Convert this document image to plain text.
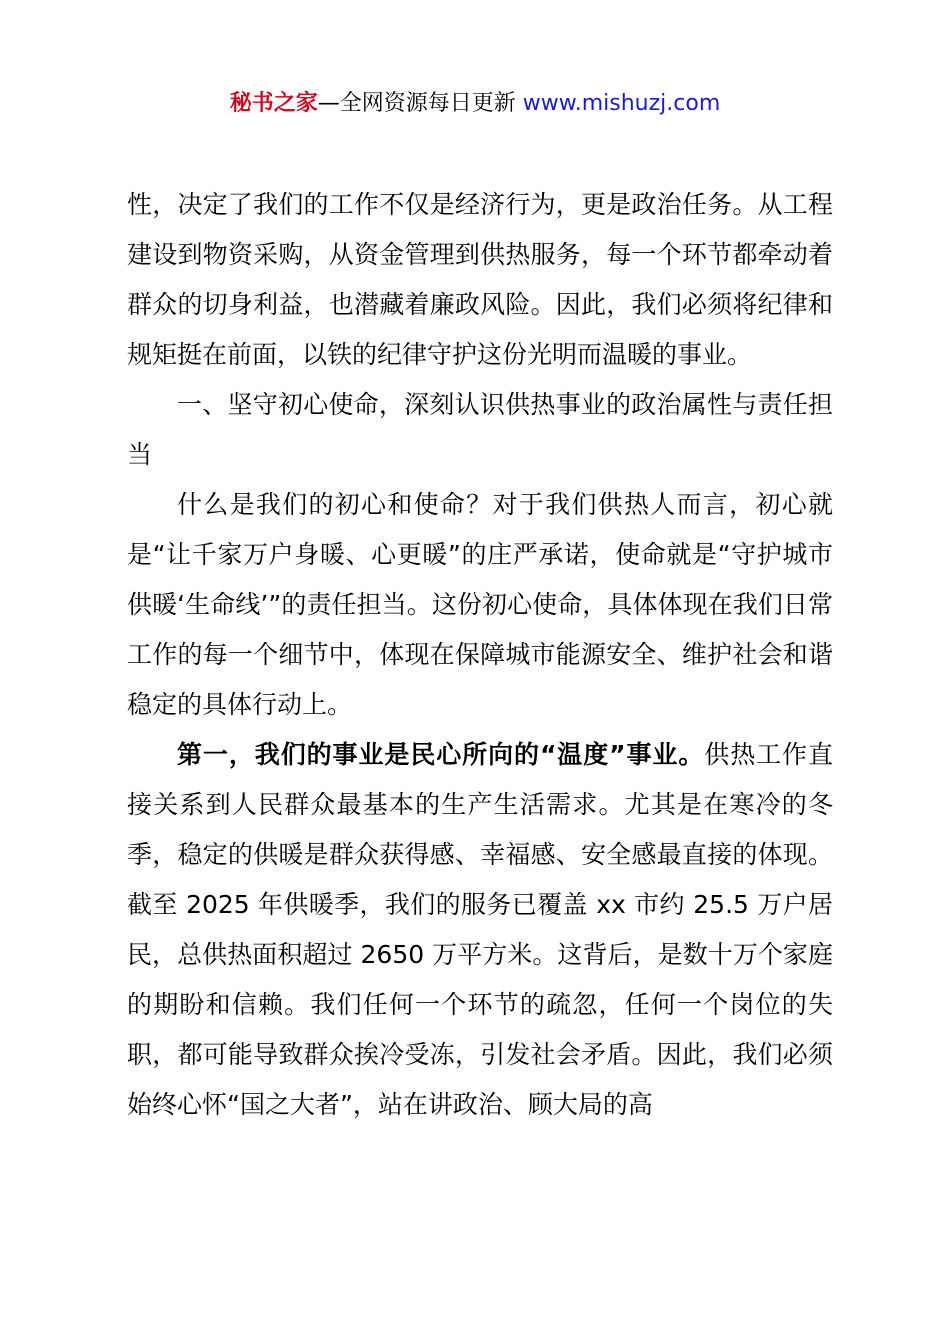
秘书之家—全网资源每日更新 www.mishuzj.com

性，决定了我们的工作不仅是经济行为，更是政治任务。从工程建设到物资采购，从资金管理到供热服务，每一个环节都牵动着群众的切身利益，也潜藏着廉政风险。因此，我们必须将纪律和规矩挺在前面，以铁的纪律守护这份光明而温暖的事业。

一、坚守初心使命，深刻认识供热事业的政治属性与责任担当

什么是我们的初心和使命？对于我们供热人而言，初心就是“让千家万户身暖、心更暖”的庄严承诺，使命就是“守护城市供暖‘生命线’”的责任担当。这份初心使命，具体体现在我们日常工作的每一个细节中，体现在保障城市能源安全、维护社会和谐稳定的具体行动上。

第一，我们的事业是民心所向的“温度”事业。供热工作直接关系到人民群众最基本的生产生活需求。尤其是在寒冷的冬季，稳定的供暖是群众获得感、幸福感、安全感最直接的体现。截至 2025 年供暖季，我们的服务已覆盖 xx 市约 25.5 万户居民，总供热面积超过 2650 万平方米。这背后，是数十万个家庭的期盼和信赖。我们任何一个环节的疏忽，任何一个岗位的失职，都可能导致群众挨冷受冻，引发社会矛盾。因此，我们必须始终心怀“国之大者”，站在讲政治、顾大局的高
